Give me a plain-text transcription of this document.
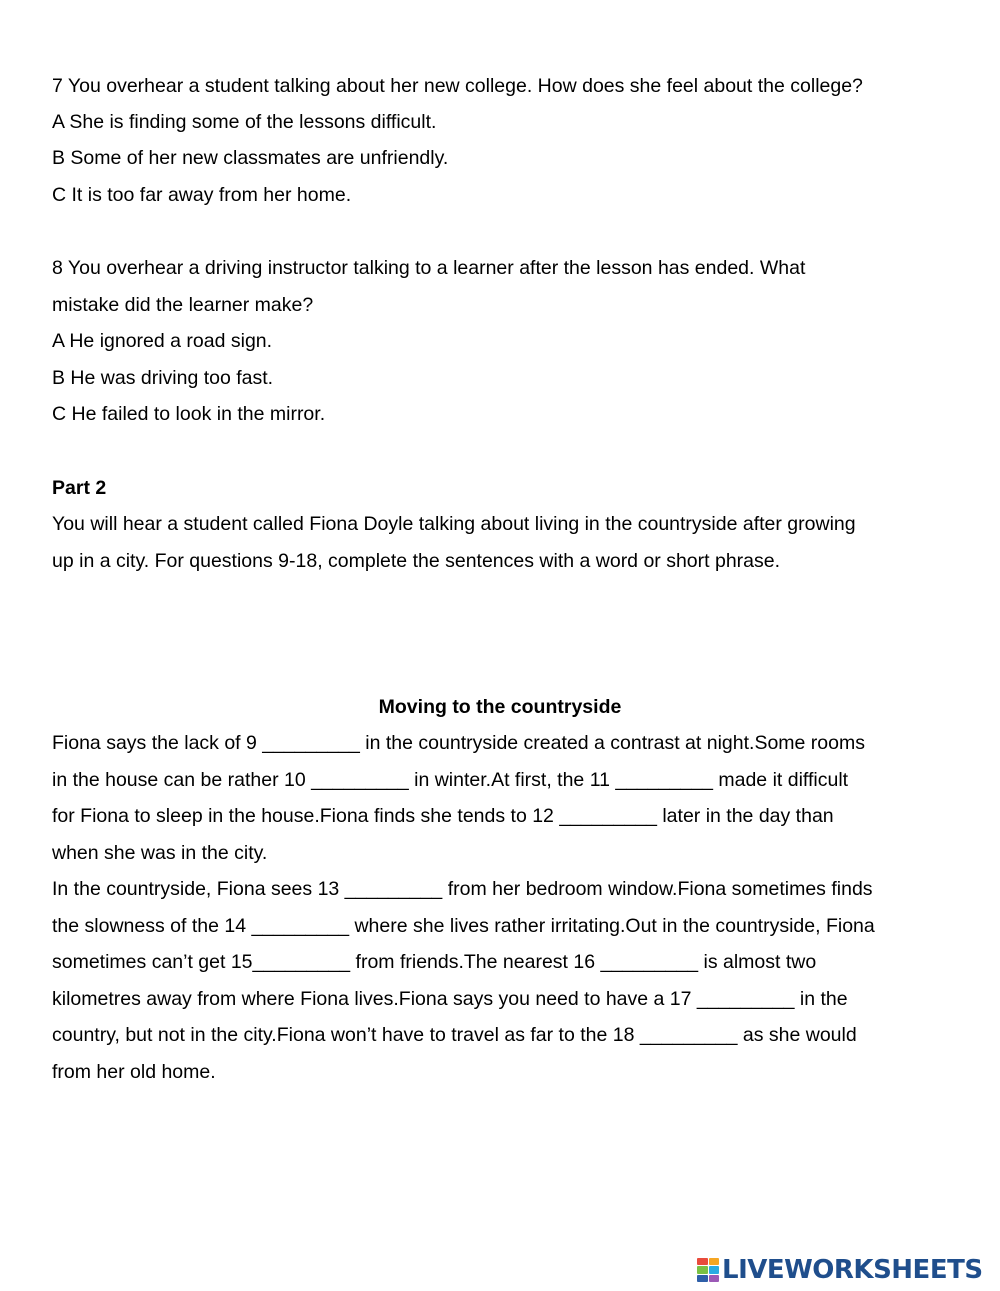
7 You overhear a student talking about her new college. How does she feel about the college?

A She is finding some of the lessons difficult.

B Some of her new classmates are unfriendly.

C It is too far away from her home.

8 You overhear a driving instructor talking to a learner after the lesson has ended. What

mistake did the learner make?

A He ignored a road sign.

B He was driving too fast.

C He failed to look in the mirror.

Part 2

You will hear a student called Fiona Doyle talking about living in the countryside after growing

up in a city. For questions 9-18, complete the sentences with a word or short phrase.

Moving to the countryside

Fiona says the lack of 9 _________ in the countryside created a contrast at night.Some rooms

in the house can be rather 10 _________ in winter.At first, the 11 _________ made it difficult

for Fiona to sleep in the house.Fiona finds she tends to 12 _________ later in the day than

when she was in the city.

In the countryside, Fiona sees 13 _________ from her bedroom window.Fiona sometimes finds

the slowness of the 14 _________ where she lives rather irritating.Out in the countryside, Fiona

sometimes can’t get 15_________ from friends.The nearest 16 _________ is almost two

kilometres away from where Fiona lives.Fiona says you need to have a 17 _________ in the

country, but not in the city.Fiona won’t have to travel as far to the 18 _________ as she would

from her old home.

LIVEWORKSHEETS
